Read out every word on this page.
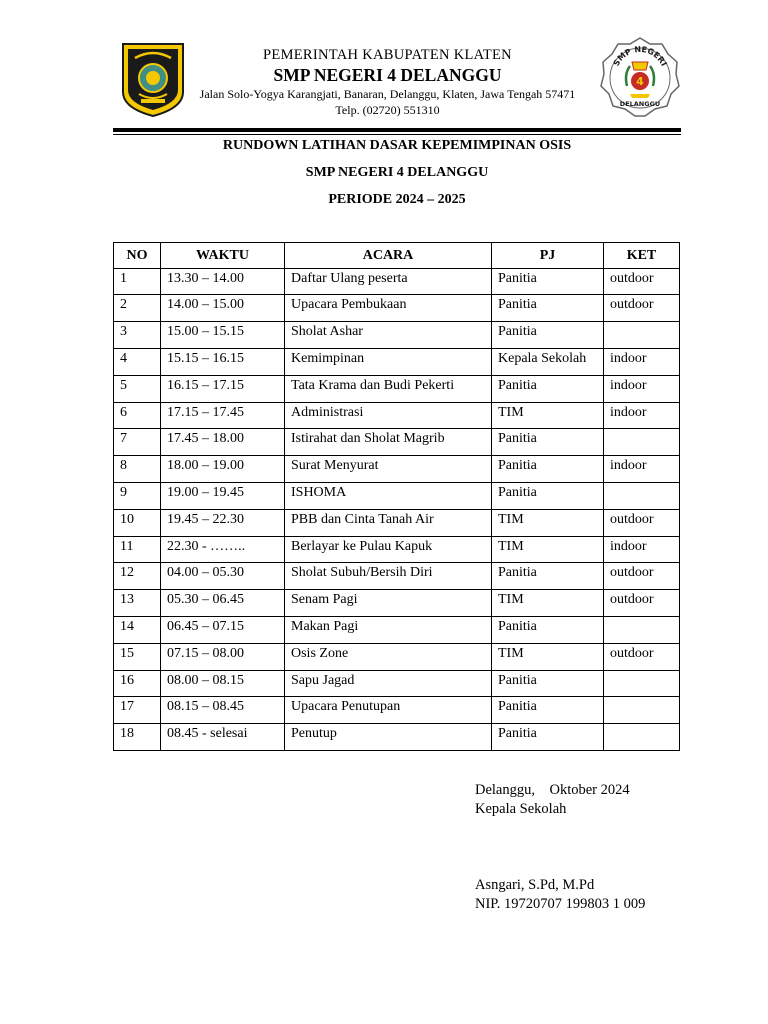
PEMERINTAH KABUPATEN KLATEN
SMP NEGERI 4 DELANGGU
Jalan Solo-Yogya Karangjati, Banaran, Delanggu, Klaten, Jawa Tengah 57471
Telp. (02720) 551310
SMP NEGERI
4
DELANGGU
RUNDOWN LATIHAN DASAR KEPEMIMPINAN OSIS
SMP NEGERI 4 DELANGGU
PERIODE 2024 – 2025
NO	WAKTU	ACARA	PJ	KET
1	13.30 – 14.00	Daftar Ulang peserta	Panitia	outdoor
2	14.00 – 15.00	Upacara Pembukaan	Panitia	outdoor
3	15.00 – 15.15	Sholat Ashar	Panitia	
4	15.15 – 16.15	Kemimpinan	Kepala Sekolah	indoor
5	16.15 – 17.15	Tata Krama dan Budi Pekerti	Panitia	indoor
6	17.15 – 17.45	Administrasi	TIM	indoor
7	17.45 – 18.00	Istirahat dan Sholat Magrib	Panitia	
8	18.00 – 19.00	Surat Menyurat	Panitia	indoor
9	19.00 – 19.45	ISHOMA	Panitia	
10	19.45 – 22.30	PBB dan Cinta Tanah Air	TIM	outdoor
11	22.30 - ……..	Berlayar ke Pulau Kapuk	TIM	indoor
12	04.00 – 05.30	Sholat Subuh/Bersih Diri	Panitia	outdoor
13	05.30 – 06.45	Senam Pagi	TIM	outdoor
14	06.45 – 07.15	Makan Pagi	Panitia	
15	07.15 – 08.00	Osis Zone	TIM	outdoor
16	08.00 – 08.15	Sapu Jagad	Panitia	
17	08.15 – 08.45	Upacara Penutupan	Panitia	
18	08.45 - selesai	Penutup	Panitia	
Delanggu,    Oktober 2024
Kepala Sekolah
Asngari, S.Pd, M.Pd
NIP. 19720707 199803 1 009
